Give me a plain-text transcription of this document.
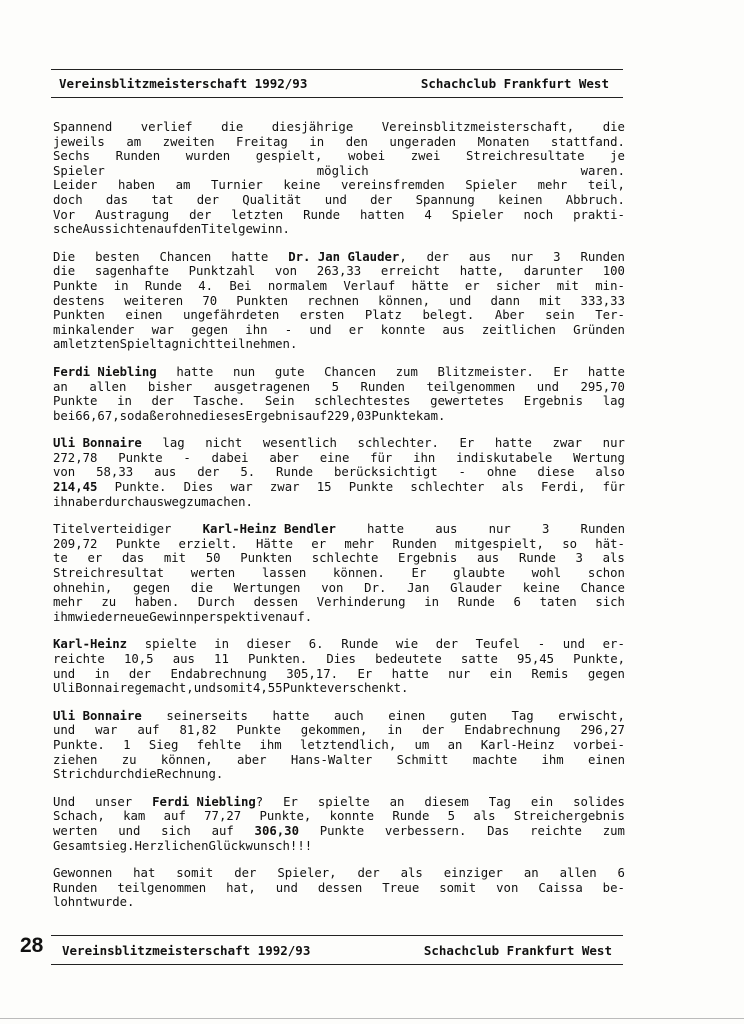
Vereinsblitzmeisterschaft 1992/93	Schachclub Frankfurt West
Spannend verlief die diesjährige Vereinsblitzmeisterschaft, die
jeweils am zweiten Freitag in den ungeraden Monaten stattfand.
Sechs Runden wurden gespielt, wobei zwei Streichresultate je
Spieler	möglich	waren.
Leider haben am Turnier keine vereinsfremden Spieler mehr teil,
doch das tat der Qualität und der Spannung keinen Abbruch.
Vor Austragung der letzten Runde hatten 4 Spieler noch prakti-
sche Aussichten auf den Titelgewinn.
Die besten Chancen hatte Dr. Jan Glauder, der aus nur 3 Runden
die sagenhafte Punktzahl von 263,33 erreicht hatte, darunter 100
Punkte in Runde 4. Bei normalem Verlauf hätte er sicher mit min-
destens weiteren 70 Punkten rechnen können, und dann mit 333,33
Punkten einen ungefährdeten ersten Platz belegt. Aber sein Ter-
minkalender war gegen ihn - und er konnte aus zeitlichen Gründen
am letzten Spieltag nicht teilnehmen.
Ferdi Niebling hatte nun gute Chancen zum Blitzmeister. Er hatte
an allen bisher ausgetragenen 5 Runden teilgenommen und 295,70
Punkte in der Tasche. Sein schlechtestes gewertetes Ergebnis lag
bei 66,67, so daß er ohne dieses Ergebnis auf 229,03 Punkte kam.
Uli Bonnaire lag nicht wesentlich schlechter. Er hatte zwar nur
272,78 Punkte - dabei aber eine für ihn indiskutabele Wertung
von 58,33 aus der 5. Runde berücksichtigt - ohne diese also
214,45 Punkte. Dies war zwar 15 Punkte schlechter als Ferdi, für
ihn aber durchaus wegzumachen.
Titelverteidiger	Karl-Heinz Bendler	hatte	aus	nur	3	Runden
209,72 Punkte erzielt. Hätte er mehr Runden mitgespielt, so hät-
te er das mit 50 Punkten schlechte Ergebnis aus Runde 3 als
Streichresultat werten lassen können. Er glaubte wohl schon
ohnehin, gegen die Wertungen von Dr. Jan Glauder keine Chance
mehr zu haben. Durch dessen Verhinderung in Runde 6 taten sich
ihm wieder neue Gewinnperspektiven auf.
Karl-Heinz spielte in dieser 6. Runde wie der Teufel - und er-
reichte 10,5 aus 11 Punkten. Dies bedeutete satte 95,45 Punkte,
und in der Endabrechnung 305,17. Er hatte nur ein Remis gegen
Uli Bonnaire gemacht, und somit 4,55 Punkte verschenkt.
Uli Bonnaire seinerseits hatte auch einen guten Tag erwischt,
und war auf 81,82 Punkte gekommen, in der Endabrechnung 296,27
Punkte. 1 Sieg fehlte ihm letztendlich, um an Karl-Heinz vorbei-
ziehen zu können, aber Hans-Walter Schmitt machte ihm einen
Strich durch die Rechnung.
Und unser Ferdi Niebling? Er spielte an diesem Tag ein solides
Schach, kam auf 77,27 Punkte, konnte Runde 5 als Streichergebnis
werten und sich auf 306,30 Punkte verbessern. Das reichte zum
Gesamtsieg. Herzlichen Glückwunsch!!!
Gewonnen hat somit der Spieler, der als einziger an allen 6
Runden teilgenommen hat, und dessen Treue somit von Caissa be-
lohnt wurde.
28 Vereinsblitzmeisterschaft 1992/93	Schachclub Frankfurt West
